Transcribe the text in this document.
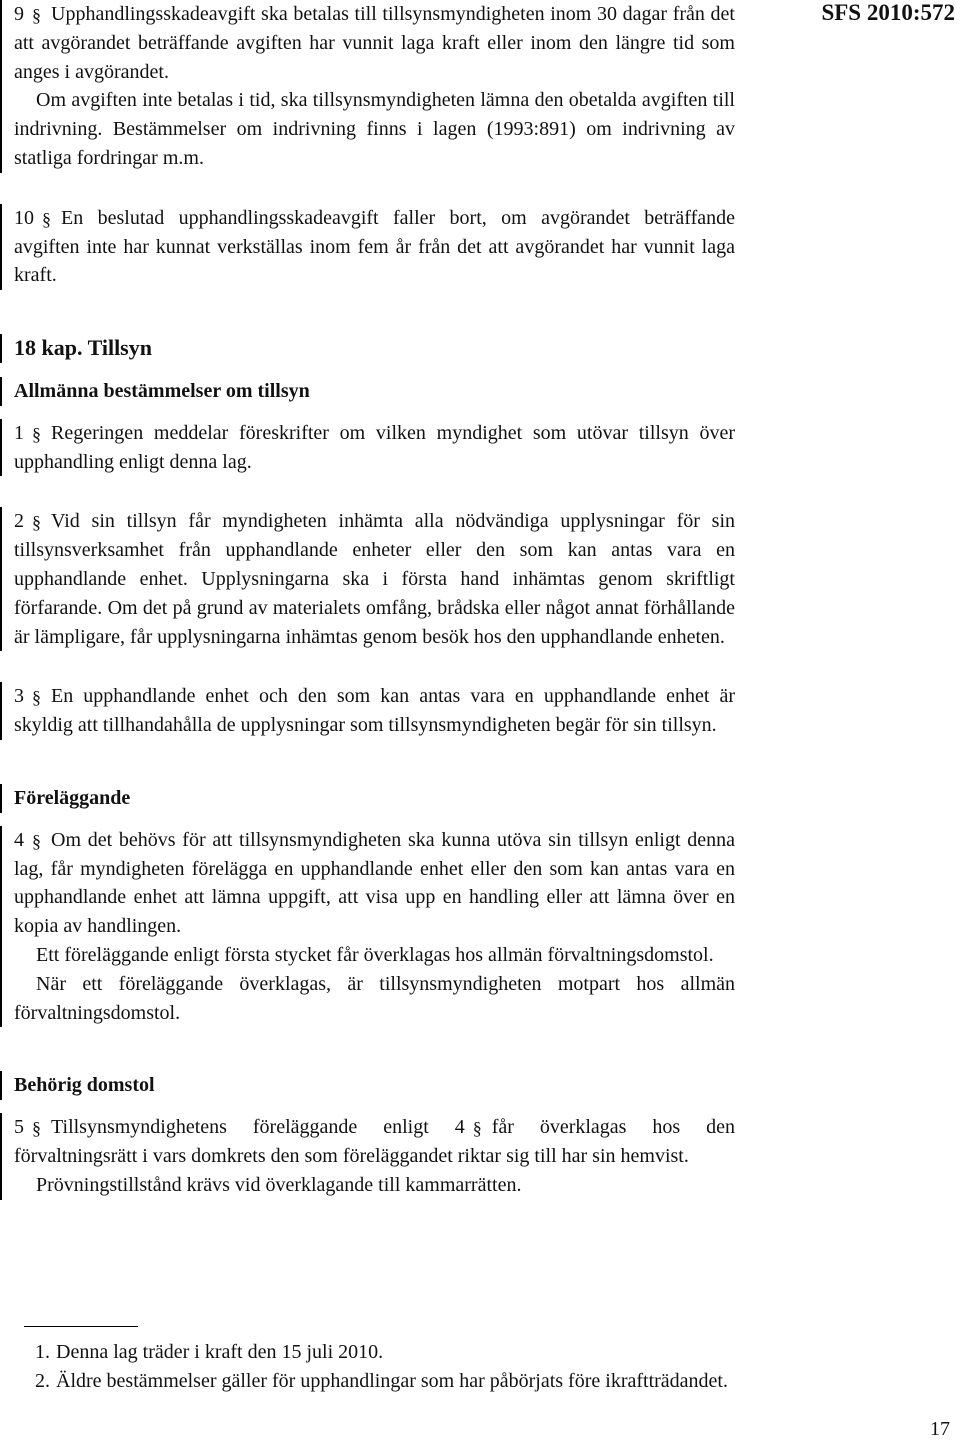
SFS 2010:572

9 § Upphandlingsskadeavgift ska betalas till tillsynsmyndigheten inom 30 dagar från det att avgörandet beträffande avgiften har vunnit laga kraft eller inom den längre tid som anges i avgörandet.

Om avgiften inte betalas i tid, ska tillsynsmyndigheten lämna den obetalda avgiften till indrivning. Bestämmelser om indrivning finns i lagen (1993:891) om indrivning av statliga fordringar m.m.

10 § En beslutad upphandlingsskadeavgift faller bort, om avgörandet beträffande avgiften inte har kunnat verkställas inom fem år från det att avgörandet har vunnit laga kraft.

18 kap. Tillsyn

Allmänna bestämmelser om tillsyn

1 § Regeringen meddelar föreskrifter om vilken myndighet som utövar tillsyn över upphandling enligt denna lag.

2 § Vid sin tillsyn får myndigheten inhämta alla nödvändiga upplysningar för sin tillsynsverksamhet från upphandlande enheter eller den som kan antas vara en upphandlande enhet. Upplysningarna ska i första hand inhämtas genom skriftligt förfarande. Om det på grund av materialets omfång, brådska eller något annat förhållande är lämpligare, får upplysningarna inhämtas genom besök hos den upphandlande enheten.

3 § En upphandlande enhet och den som kan antas vara en upphandlande enhet är skyldig att tillhandahålla de upplysningar som tillsynsmyndigheten begär för sin tillsyn.

Föreläggande

4 § Om det behövs för att tillsynsmyndigheten ska kunna utöva sin tillsyn enligt denna lag, får myndigheten förelägga en upphandlande enhet eller den som kan antas vara en upphandlande enhet att lämna uppgift, att visa upp en handling eller att lämna över en kopia av handlingen.

Ett föreläggande enligt första stycket får överklagas hos allmän förvaltningsdomstol.

När ett föreläggande överklagas, är tillsynsmyndigheten motpart hos allmän förvaltningsdomstol.

Behörig domstol

5 § Tillsynsmyndighetens föreläggande enligt 4 § får överklagas hos den förvaltningsrätt i vars domkrets den som föreläggandet riktar sig till har sin hemvist.

Prövningstillstånd krävs vid överklagande till kammarrätten.

1. Denna lag träder i kraft den 15 juli 2010.

2. Äldre bestämmelser gäller för upphandlingar som har påbörjats före ikraftträdandet.

17
